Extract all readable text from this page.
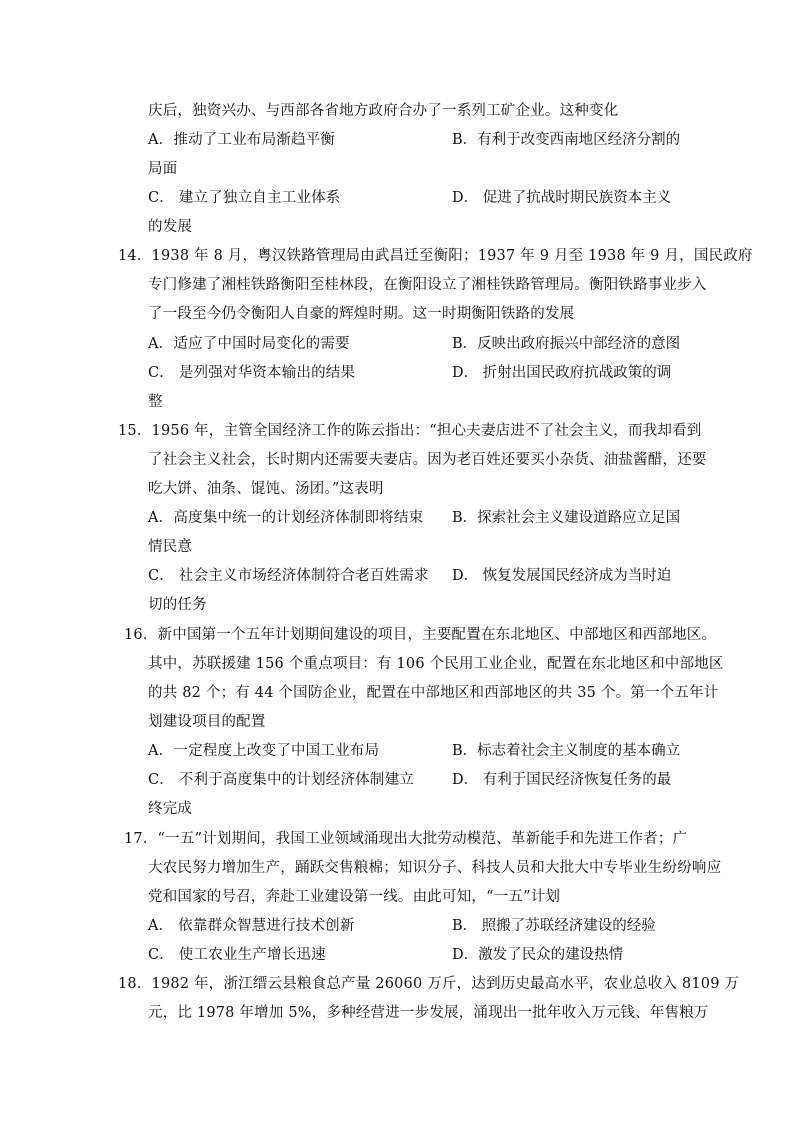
庆后，独资兴办、与西部各省地方政府合办了一系列工矿企业。这种变化
A．推动了工业布局渐趋平衡	B．有利于改变西南地区经济分割的
局面
C． 建立了独立自主工业体系	D． 促进了抗战时期民族资本主义
的发展
14．1938 年 8 月，粤汉铁路管理局由武昌迁至衡阳；1937 年 9 月至 1938 年 9 月，国民政府
专门修建了湘桂铁路衡阳至桂林段，在衡阳设立了湘桂铁路管理局。衡阳铁路事业步入
了一段至今仍令衡阳人自豪的辉煌时期。这一时期衡阳铁路的发展
A．适应了中国时局变化的需要	B．反映出政府振兴中部经济的意图
C． 是列强对华资本输出的结果	D． 折射出国民政府抗战政策的调
整
15．1956 年，主管全国经济工作的陈云指出：“担心夫妻店进不了社会主义，而我却看到
了社会主义社会，长时期内还需要夫妻店。因为老百姓还要买小杂货、油盐酱醋，还要
吃大饼、油条、馄饨、汤团。”这表明
A．高度集中统一的计划经济体制即将结束 B．探索社会主义建设道路应立足国
情民意
C． 社会主义市场经济体制符合老百姓需求 D． 恢复发展国民经济成为当时迫
切的任务
16．新中国第一个五年计划期间建设的项目，主要配置在东北地区、中部地区和西部地区。
其中，苏联援建 156 个重点项目：有 106 个民用工业企业，配置在东北地区和中部地区
的共 82 个；有 44 个国防企业，配置在中部地区和西部地区的共 35 个。第一个五年计
划建设项目的配置
A．一定程度上改变了中国工业布局	B．标志着社会主义制度的基本确立
C． 不利于高度集中的计划经济体制建立	D． 有利于国民经济恢复任务的最
终完成
17．“一五”计划期间，我国工业领域涌现出大批劳动模范、革新能手和先进工作者；广
大农民努力增加生产，踊跃交售粮棉；知识分子、科技人员和大批大中专毕业生纷纷响应
党和国家的号召，奔赴工业建设第一线。由此可知，“一五”计划
A． 依靠群众智慧进行技术创新	B． 照搬了苏联经济建设的经验
C． 使工农业生产增长迅速	D．激发了民众的建设热情
18．1982 年，浙江缙云县粮食总产量 26060 万斤，达到历史最高水平，农业总收入 8109 万
元，比 1978 年增加 5%，多种经营进一步发展，涌现出一批年收入万元钱、年售粮万
